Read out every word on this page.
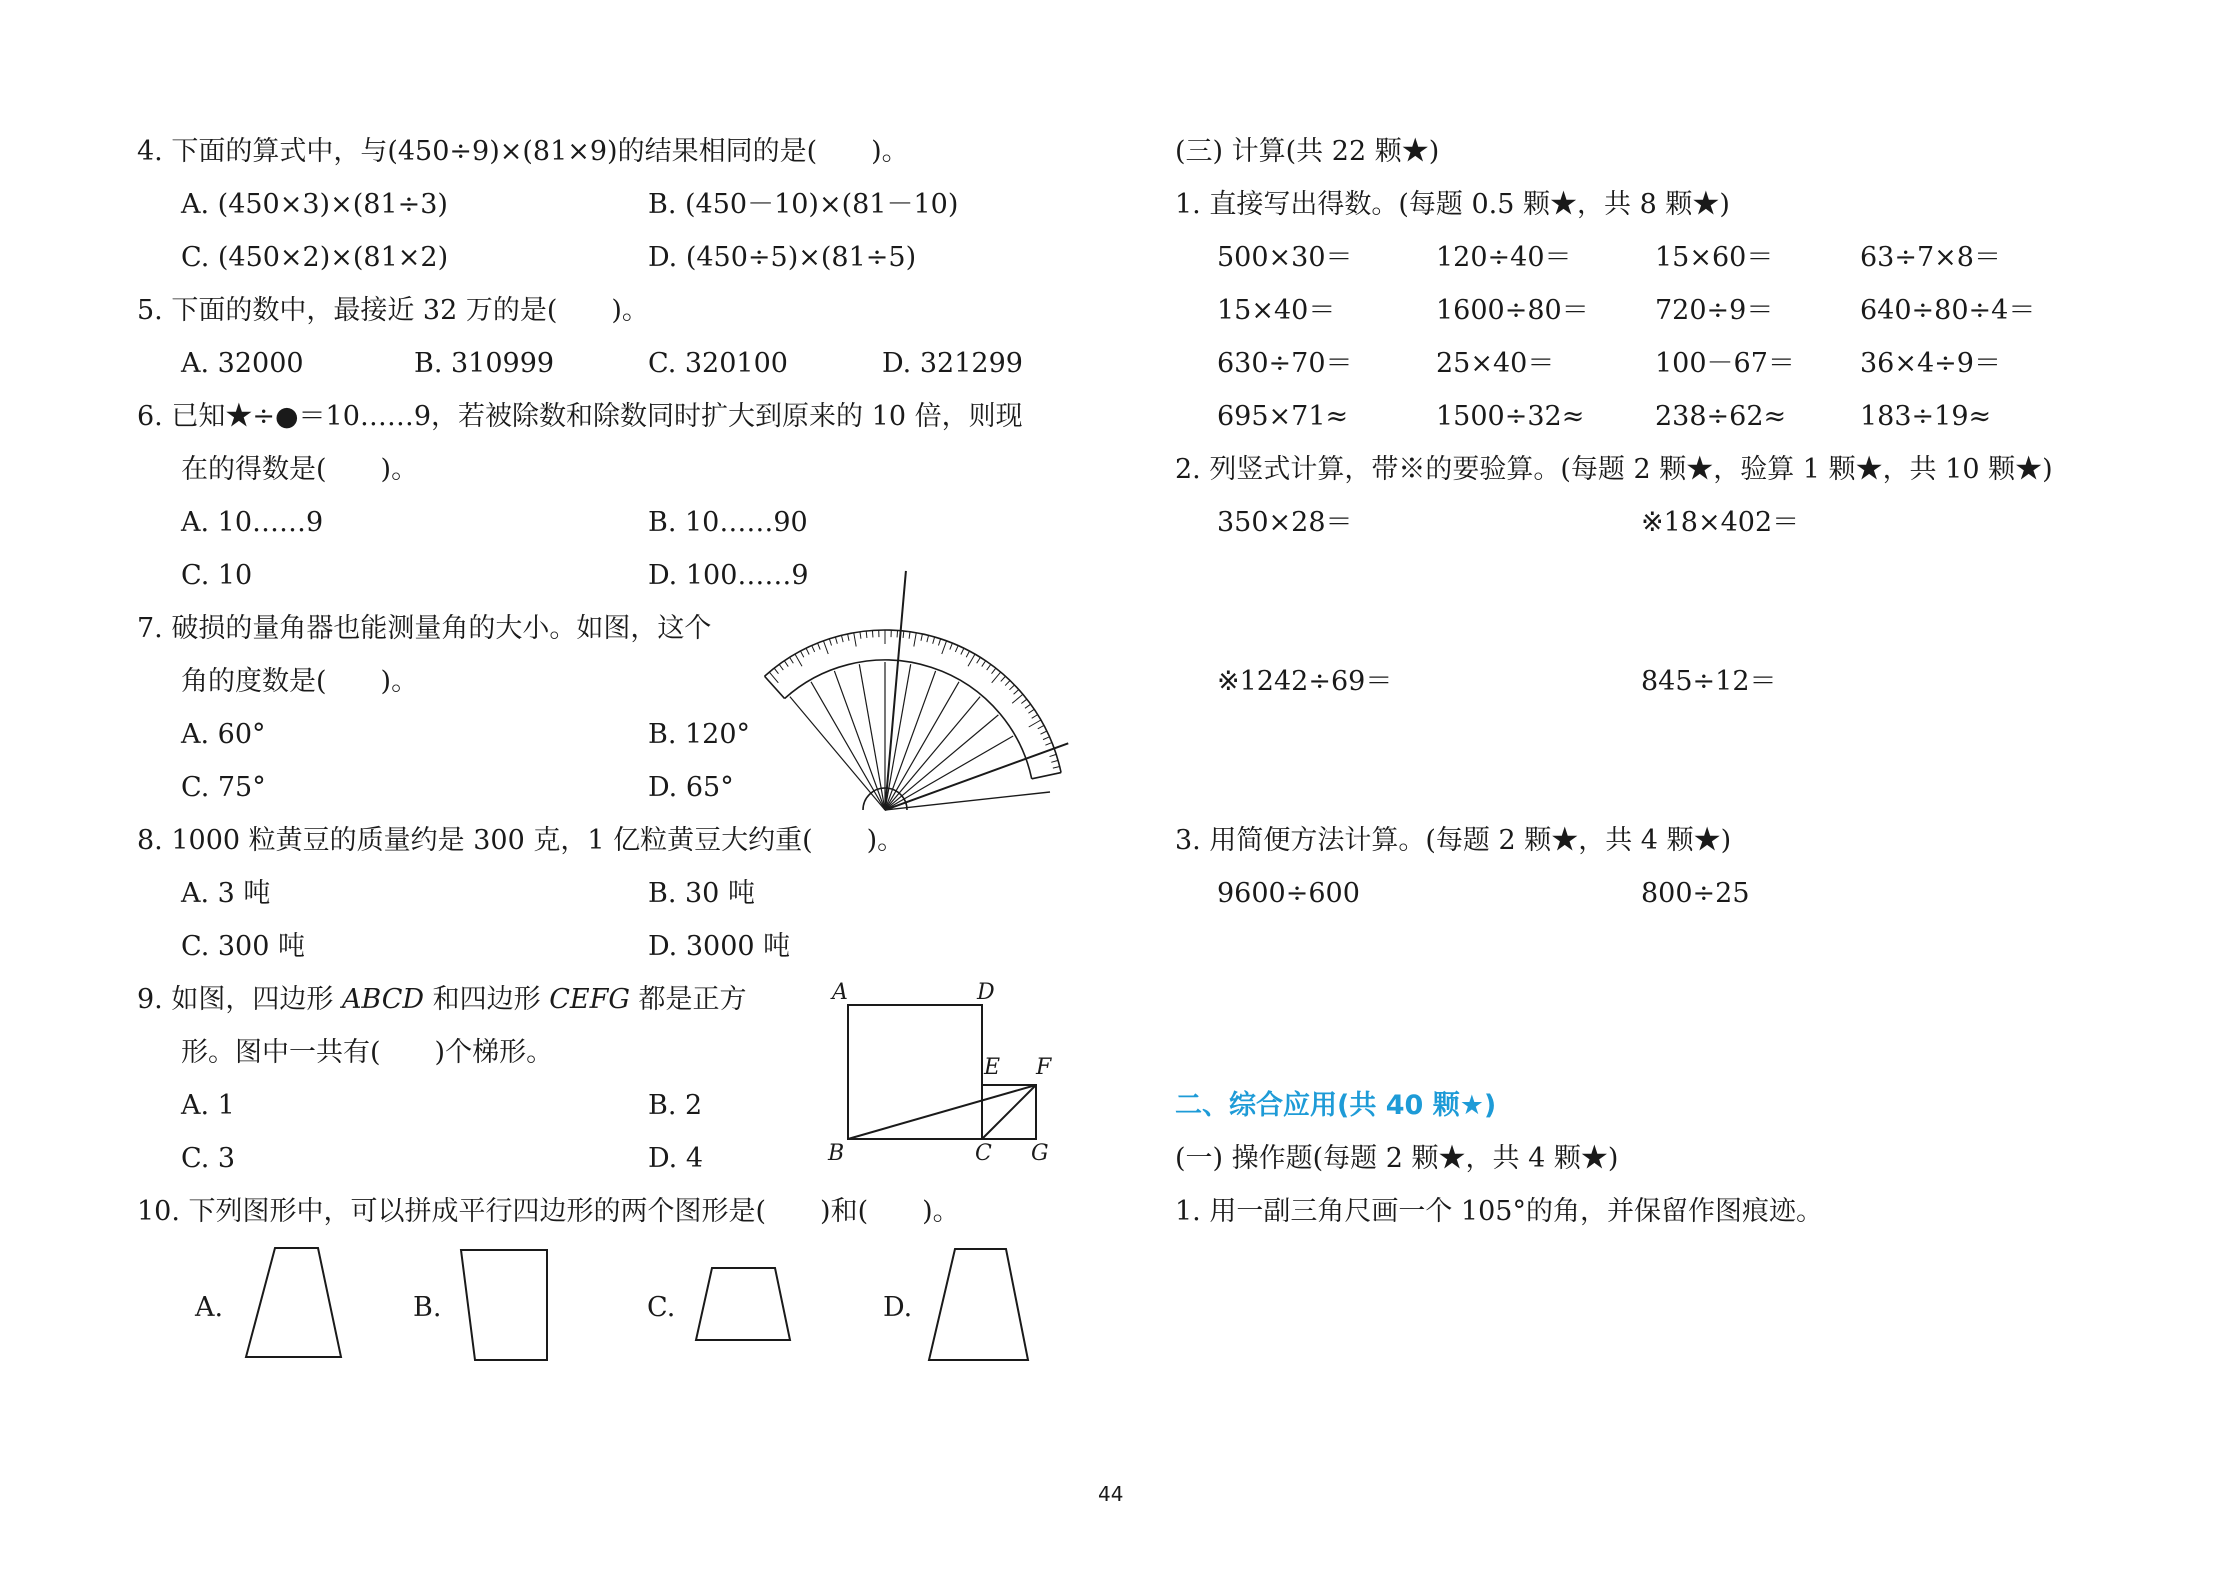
4. 下面的算式中，与(450÷9)×(81×9)的结果相同的是(　　)。
A. (450×3)×(81÷3)	B. (450－10)×(81－10)
C. (450×2)×(81×2)	D. (450÷5)×(81÷5)
5. 下面的数中，最接近 32 万的是(　　)。
A. 32000	B. 310999	C. 320100	D. 321299
6. 已知★÷●＝10……9，若被除数和除数同时扩大到原来的 10 倍，则现
在的得数是(　　)。
A. 10……9	B. 10……90
C. 10	D. 100……9
7. 破损的量角器也能测量角的大小。如图，这个
角的度数是(　　)。
A. 60°	B. 120°
C. 75°	D. 65°
8. 1000 粒黄豆的质量约是 300 克，1 亿粒黄豆大约重(　　)。
A. 3 吨	B. 30 吨
C. 300 吨	D. 3000 吨
9. 如图，四边形 ABCD 和四边形 CEFG 都是正方
形。图中一共有(　　)个梯形。
A. 1	B. 2
C. 3	D. 4
A	D
E F
B	C G
10. 下列图形中，可以拼成平行四边形的两个图形是(　　)和(　　)。
A.	B.	C.	D.
(三) 计算(共 22 颗★)
1. 直接写出得数。(每题 0.5 颗★，共 8 颗★)
500×30＝	120÷40＝	15×60＝	63÷7×8＝
15×40＝	1600÷80＝ 720÷9＝	640÷80÷4＝
630÷70＝	25×40＝	100－67＝ 36×4÷9＝
695×71≈	1500÷32≈	238÷62≈	183÷19≈
2. 列竖式计算，带※的要验算。(每题 2 颗★，验算 1 颗★，共 10 颗★)
350×28＝	※18×402＝
※1242÷69＝	845÷12＝
3. 用简便方法计算。(每题 2 颗★，共 4 颗★)
9600÷600	800÷25
二、综合应用(共 40 颗★)
(一) 操作题(每题 2 颗★，共 4 颗★)
1. 用一副三角尺画一个 105°的角，并保留作图痕迹。
44
